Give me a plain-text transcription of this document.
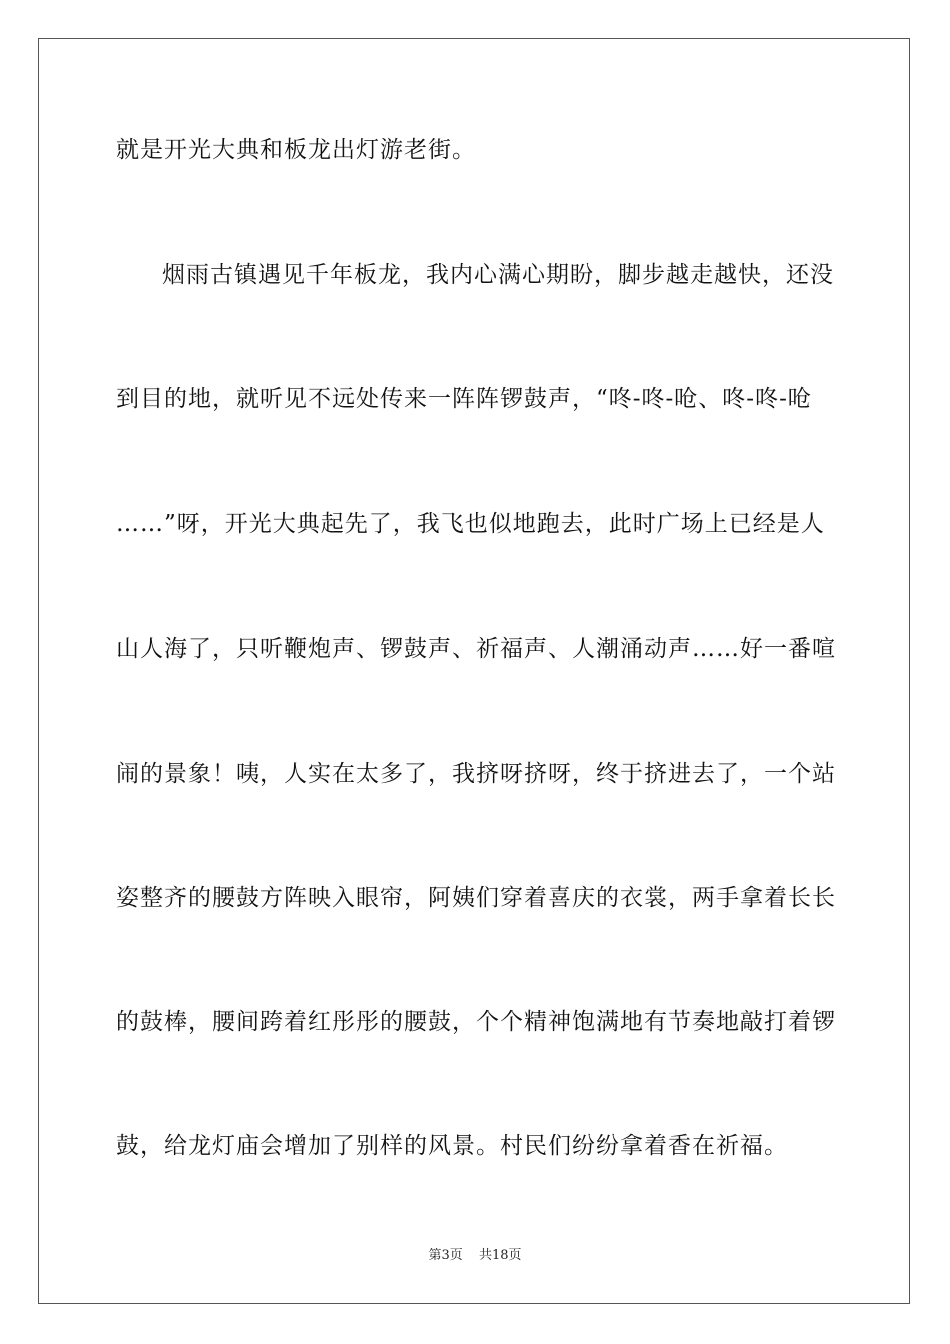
就是开光大典和板龙出灯游老街。
烟雨古镇遇见千年板龙，我内心满心期盼，脚步越走越快，还没
到目的地，就听见不远处传来一阵阵锣鼓声，“咚-咚-呛、咚-咚-呛
……”呀，开光大典起先了，我飞也似地跑去，此时广场上已经是人
山人海了，只听鞭炮声、锣鼓声、祈福声、人潮涌动声……好一番喧
闹的景象！咦，人实在太多了，我挤呀挤呀，终于挤进去了，一个站
姿整齐的腰鼓方阵映入眼帘，阿姨们穿着喜庆的衣裳，两手拿着长长
的鼓棒，腰间跨着红彤彤的腰鼓，个个精神饱满地有节奏地敲打着锣
鼓，给龙灯庙会增加了别样的风景。村民们纷纷拿着香在祈福。
第3页 共18页
